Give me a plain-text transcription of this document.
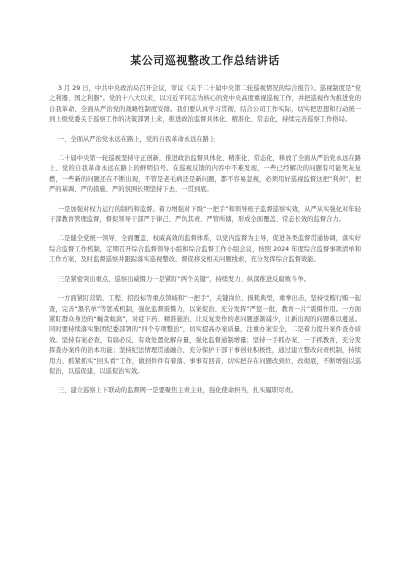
某公司巡视整改工作总结讲话

3 月 29 日，中共中央政治局召开会议，审议《关于二十届中央第二轮巡视情况的综合报告》。巡视制度是“党之利器、国之利器”。党的十八大以来，以习近平同志为核心的党中央高度重视巡视工作，并把巡视作为推进党的自我革命、全面从严治党的战略性制度安排。我们要认真学习贯彻，结合公司工作实际，切实把思想和行动统一到上级党委关于巡察工作的决策部署上来，推进政治监督具体化、精准化、常态化，持续完善巡察工作格局。

一、全面从严治党永远在路上，党的自我革命永远在路上

二十届中央第一轮巡视坚持守正创新，推进政治监督具体化、精准化、常态化，释放了全面从严治党永远在路上、党的自我革命永远在路上的鲜明信号。在巡视反馈的内容中不难发现，一些已经解决的问题有可能死灰复燃，一些新的问题还在不断出现，不管是老毛病还是新问题，都不容易忽视，必须用好巡视监督这把“利剑”，把严的基调、严的措施、严的氛围长期坚持下去，一贯到底。

一是加强对权力运行的制约和监督。着力增强对下级“一把手”和领导班子监督巡察实效，从严从实强化对年轻干部教育管理监督，督促领导干部严于律己、严负其责、严管所辖，形成全面覆盖、常态长效的监督合力。

二是健全党统一领导、全面覆盖、权威高效的监督体系，以党内监督为主导，促进各类监督贯通协调，落实好综合监督工作机制，定期召开综合监督领导小组和综合监督工作小组会议，按照 2024 年度综合监督事项清单和工作方案，及时监督巡察并跟踪落实巡视整改，督促移交相关问题线索，充分发挥综合监督效能。

三是紧密突出重点，巡察出威慑力一是紧盯“两个关键”，持续发力、纵深推进反腐败斗争。

一方面紧盯营销、工程、招投标等重点领域和“一把手”，关键岗位、损耗典型，重拳出击，坚持受贿行贿一起查，完善“黑名单”等惩戒机制，强化监督震慑力，以案促治、充分发挥“严惩一批，教育一片”震慑作用。一方面紧盯群众身边的“蝇贪蚁腐”，对症下药、精准施治，让反复发作的老问题逐渐减少，让新出现的问题难以蔓延。同时要持续落实集团纪委部署的“四个专项整治”，切实提高办案质量，注重办案安全，二是着力提升案件查办质效。坚持有案必查，有腐必反，有效处置化解存量，强化监督通制增量；坚持一手抓办案、一手抓教育，充分发挥查办案件的治本功能；坚持纪法情理贯通融合，充分保护干部干事创业积极性，通过建立整改问责机制，持续用力、抓紧抓实“回头看”工作，做到件件有着落、事事有回音，切实把存在问题改到位、改彻底，不断增强以巡促治，以巡促建，以巡促治实效。

三、建立巡察上下联动的监督网一是要聚焦主责主业，强化使命担当，扎实履职尽责。
